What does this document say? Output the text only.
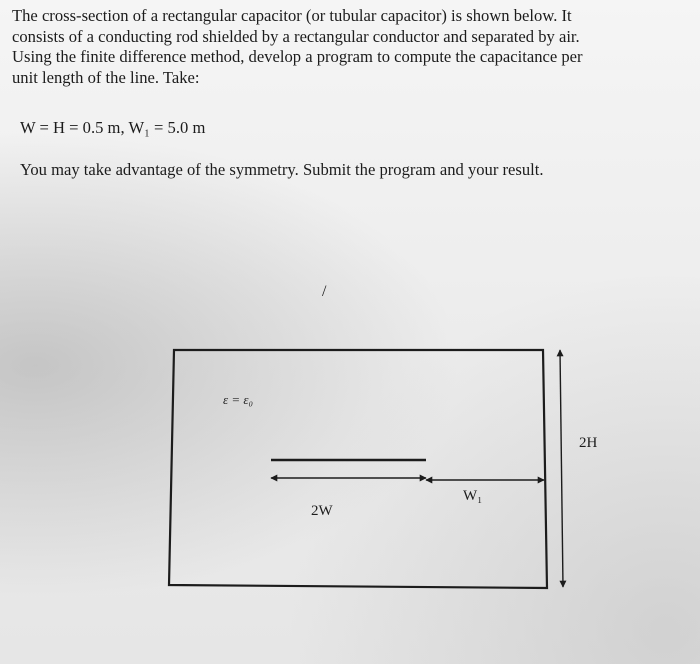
The cross-section of a rectangular capacitor (or tubular capacitor) is shown below. It
consists of a conducting rod shielded by a rectangular conductor and separated by air.
Using the finite difference method, develop a program to compute the capacitance per
unit length of the line. Take:

W = H = 0.5 m, W₁ = 5.0 m
You may take advantage of the symmetry. Submit the program and your result.
/
ε = ε₀
2W
W₁
2H
